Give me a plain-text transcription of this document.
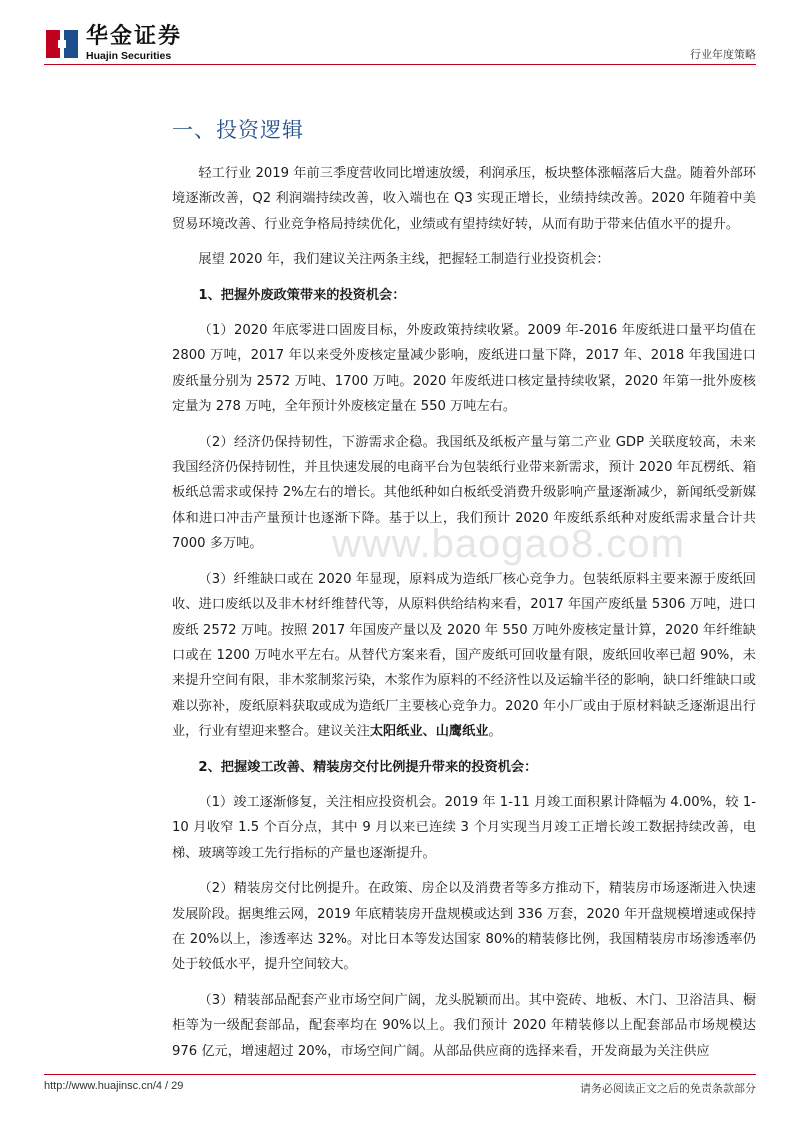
华金证券
Huajin Securities	行业年度策略
一、投资逻辑

轻工行业 2019 年前三季度营收同比增速放缓，利润承压，板块整体涨幅落后大盘。随着外部环境逐渐改善，Q2 利润端持续改善，收入端也在 Q3 实现正增长，业绩持续改善。2020 年随着中美贸易环境改善、行业竞争格局持续优化，业绩或有望持续好转，从而有助于带来估值水平的提升。

展望 2020 年，我们建议关注两条主线，把握轻工制造行业投资机会：

1、把握外废政策带来的投资机会：

（1）2020 年底零进口固废目标，外废政策持续收紧。2009 年-2016 年废纸进口量平均值在 2800 万吨，2017 年以来受外废核定量减少影响，废纸进口量下降，2017 年、2018 年我国进口废纸量分别为 2572 万吨、1700 万吨。2020 年废纸进口核定量持续收紧，2020 年第一批外废核定量为 278 万吨，全年预计外废核定量在 550 万吨左右。

（2）经济仍保持韧性，下游需求企稳。我国纸及纸板产量与第二产业 GDP 关联度较高，未来我国经济仍保持韧性，并且快速发展的电商平台为包装纸行业带来新需求，预计 2020 年瓦楞纸、箱板纸总需求或保持 2%左右的增长。其他纸种如白板纸受消费升级影响产量逐渐减少，新闻纸受新媒体和进口冲击产量预计也逐渐下降。基于以上，我们预计 2020 年废纸系纸种对废纸需求量合计共 7000 多万吨。

（3）纤维缺口或在 2020 年显现，原料成为造纸厂核心竞争力。包装纸原料主要来源于废纸回收、进口废纸以及非木材纤维替代等，从原料供给结构来看，2017 年国产废纸量 5306 万吨，进口废纸 2572 万吨。按照 2017 年国废产量以及 2020 年 550 万吨外废核定量计算，2020 年纤维缺口或在 1200 万吨水平左右。从替代方案来看，国产废纸可回收量有限，废纸回收率已超 90%，未来提升空间有限，非木浆制浆污染，木浆作为原料的不经济性以及运输半径的影响，缺口纤维缺口或难以弥补，废纸原料获取或成为造纸厂主要核心竞争力。2020 年小厂或由于原材料缺乏逐渐退出行业，行业有望迎来整合。建议关注太阳纸业、山鹰纸业。

2、把握竣工改善、精装房交付比例提升带来的投资机会：

（1）竣工逐渐修复，关注相应投资机会。2019 年 1-11 月竣工面积累计降幅为 4.00%，较 1-10 月收窄 1.5 个百分点，其中 9 月以来已连续 3 个月实现当月竣工正增长竣工数据持续改善，电梯、玻璃等竣工先行指标的产量也逐渐提升。

（2）精装房交付比例提升。在政策、房企以及消费者等多方推动下，精装房市场逐渐进入快速发展阶段。据奥维云网，2019 年底精装房开盘规模或达到 336 万套，2020 年开盘规模增速或保持在 20%以上，渗透率达 32%。对比日本等发达国家 80%的精装修比例，我国精装房市场渗透率仍处于较低水平，提升空间较大。

（3）精装部品配套产业市场空间广阔，龙头脱颖而出。其中瓷砖、地板、木门、卫浴洁具、橱柜等为一级配套部品，配套率均在 90%以上。我们预计 2020 年精装修以上配套部品市场规模达 976 亿元，增速超过 20%，市场空间广阔。从部品供应商的选择来看，开发商最为关注供应

www.baogao8.com
http://www.huajinsc.cn/4 / 29	请务必阅读正文之后的免责条款部分
